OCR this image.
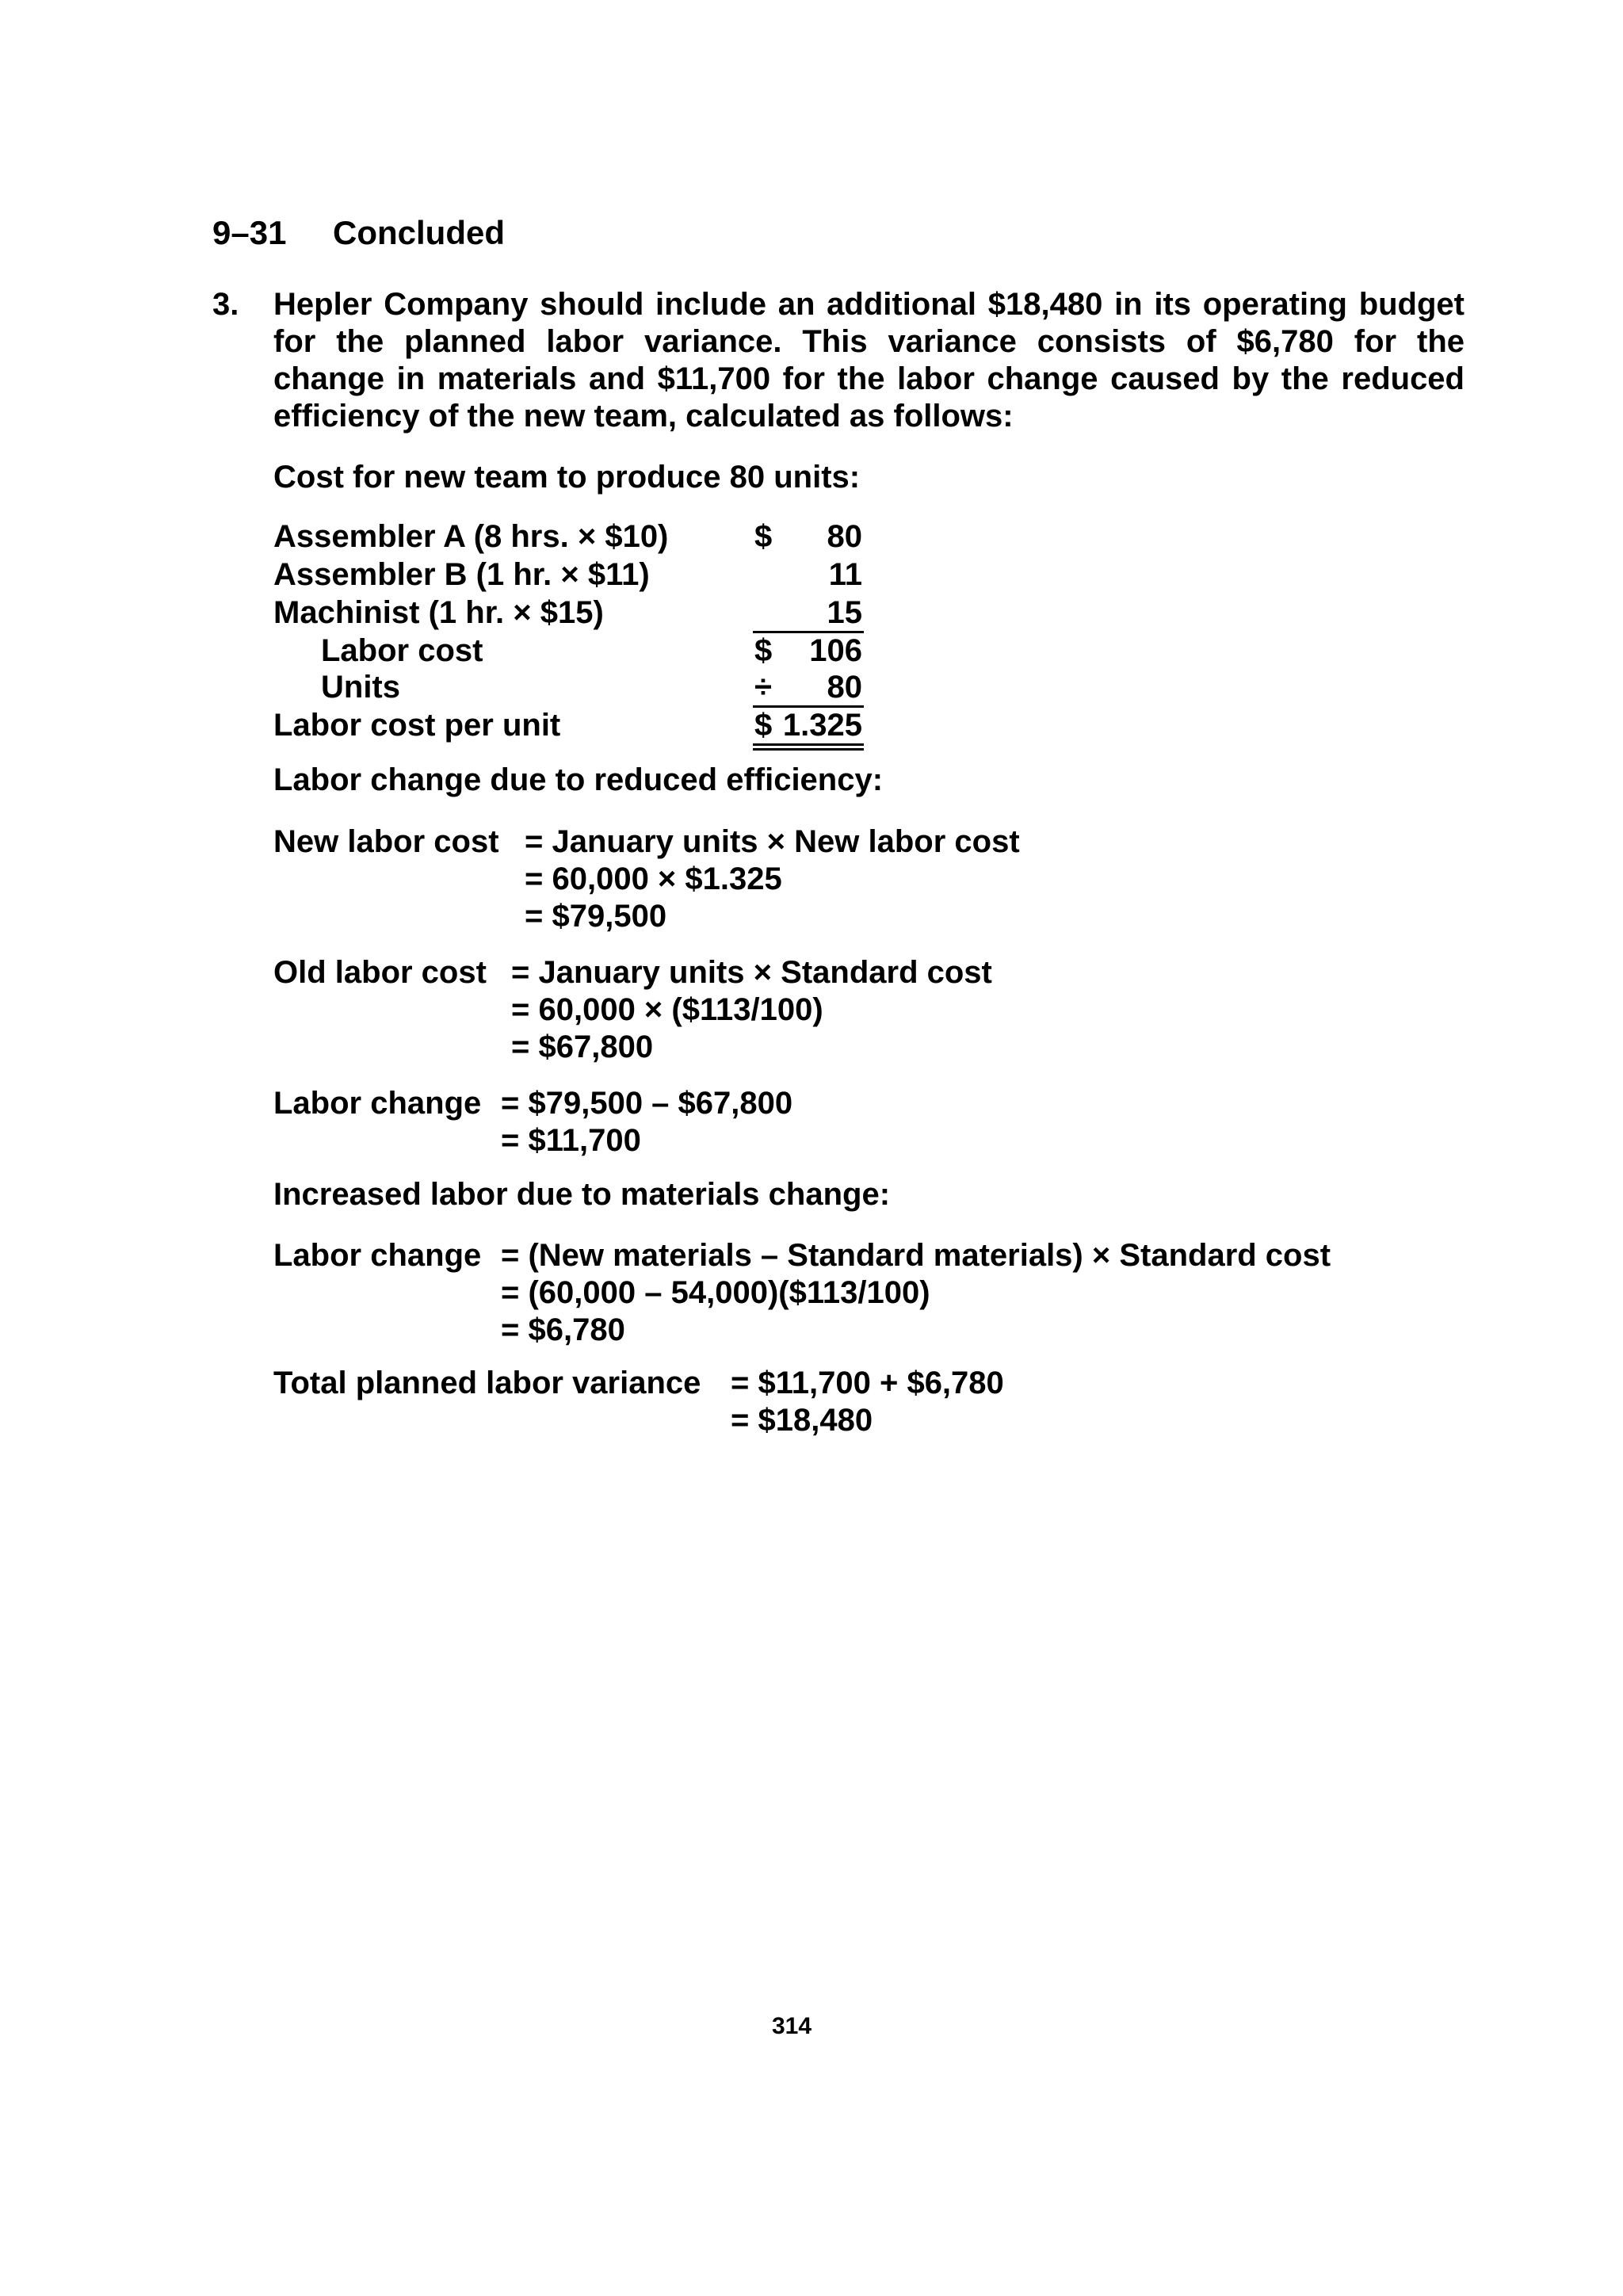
9–31 Concluded
3. Hepler Company should include an additional $18,480 in its operating budget
for the planned labor variance. This variance consists of $6,780 for the
change in materials and $11,700 for the labor change caused by the reduced
efficiency of the new team, calculated as follows:
Cost for new team to produce 80 units:
Assembler A (8 hrs. × $10)	$	80
Assembler B (1 hr. × $11)	11
Machinist (1 hr. × $15)	15
Labor cost	$	106
Units	÷	80
Labor cost per unit	$ 1.325
Labor change due to reduced efficiency:
New labor cost = January units × New labor cost
= 60,000 × $1.325
= $79,500
Old labor cost = January units × Standard cost
= 60,000 × ($113/100)
= $67,800
Labor change = $79,500 – $67,800
= $11,700
Increased labor due to materials change:
Labor change = (New materials – Standard materials) × Standard cost
= (60,000 – 54,000)($113/100)
= $6,780
Total planned labor variance = $11,700 + $6,780
= $18,480
314
